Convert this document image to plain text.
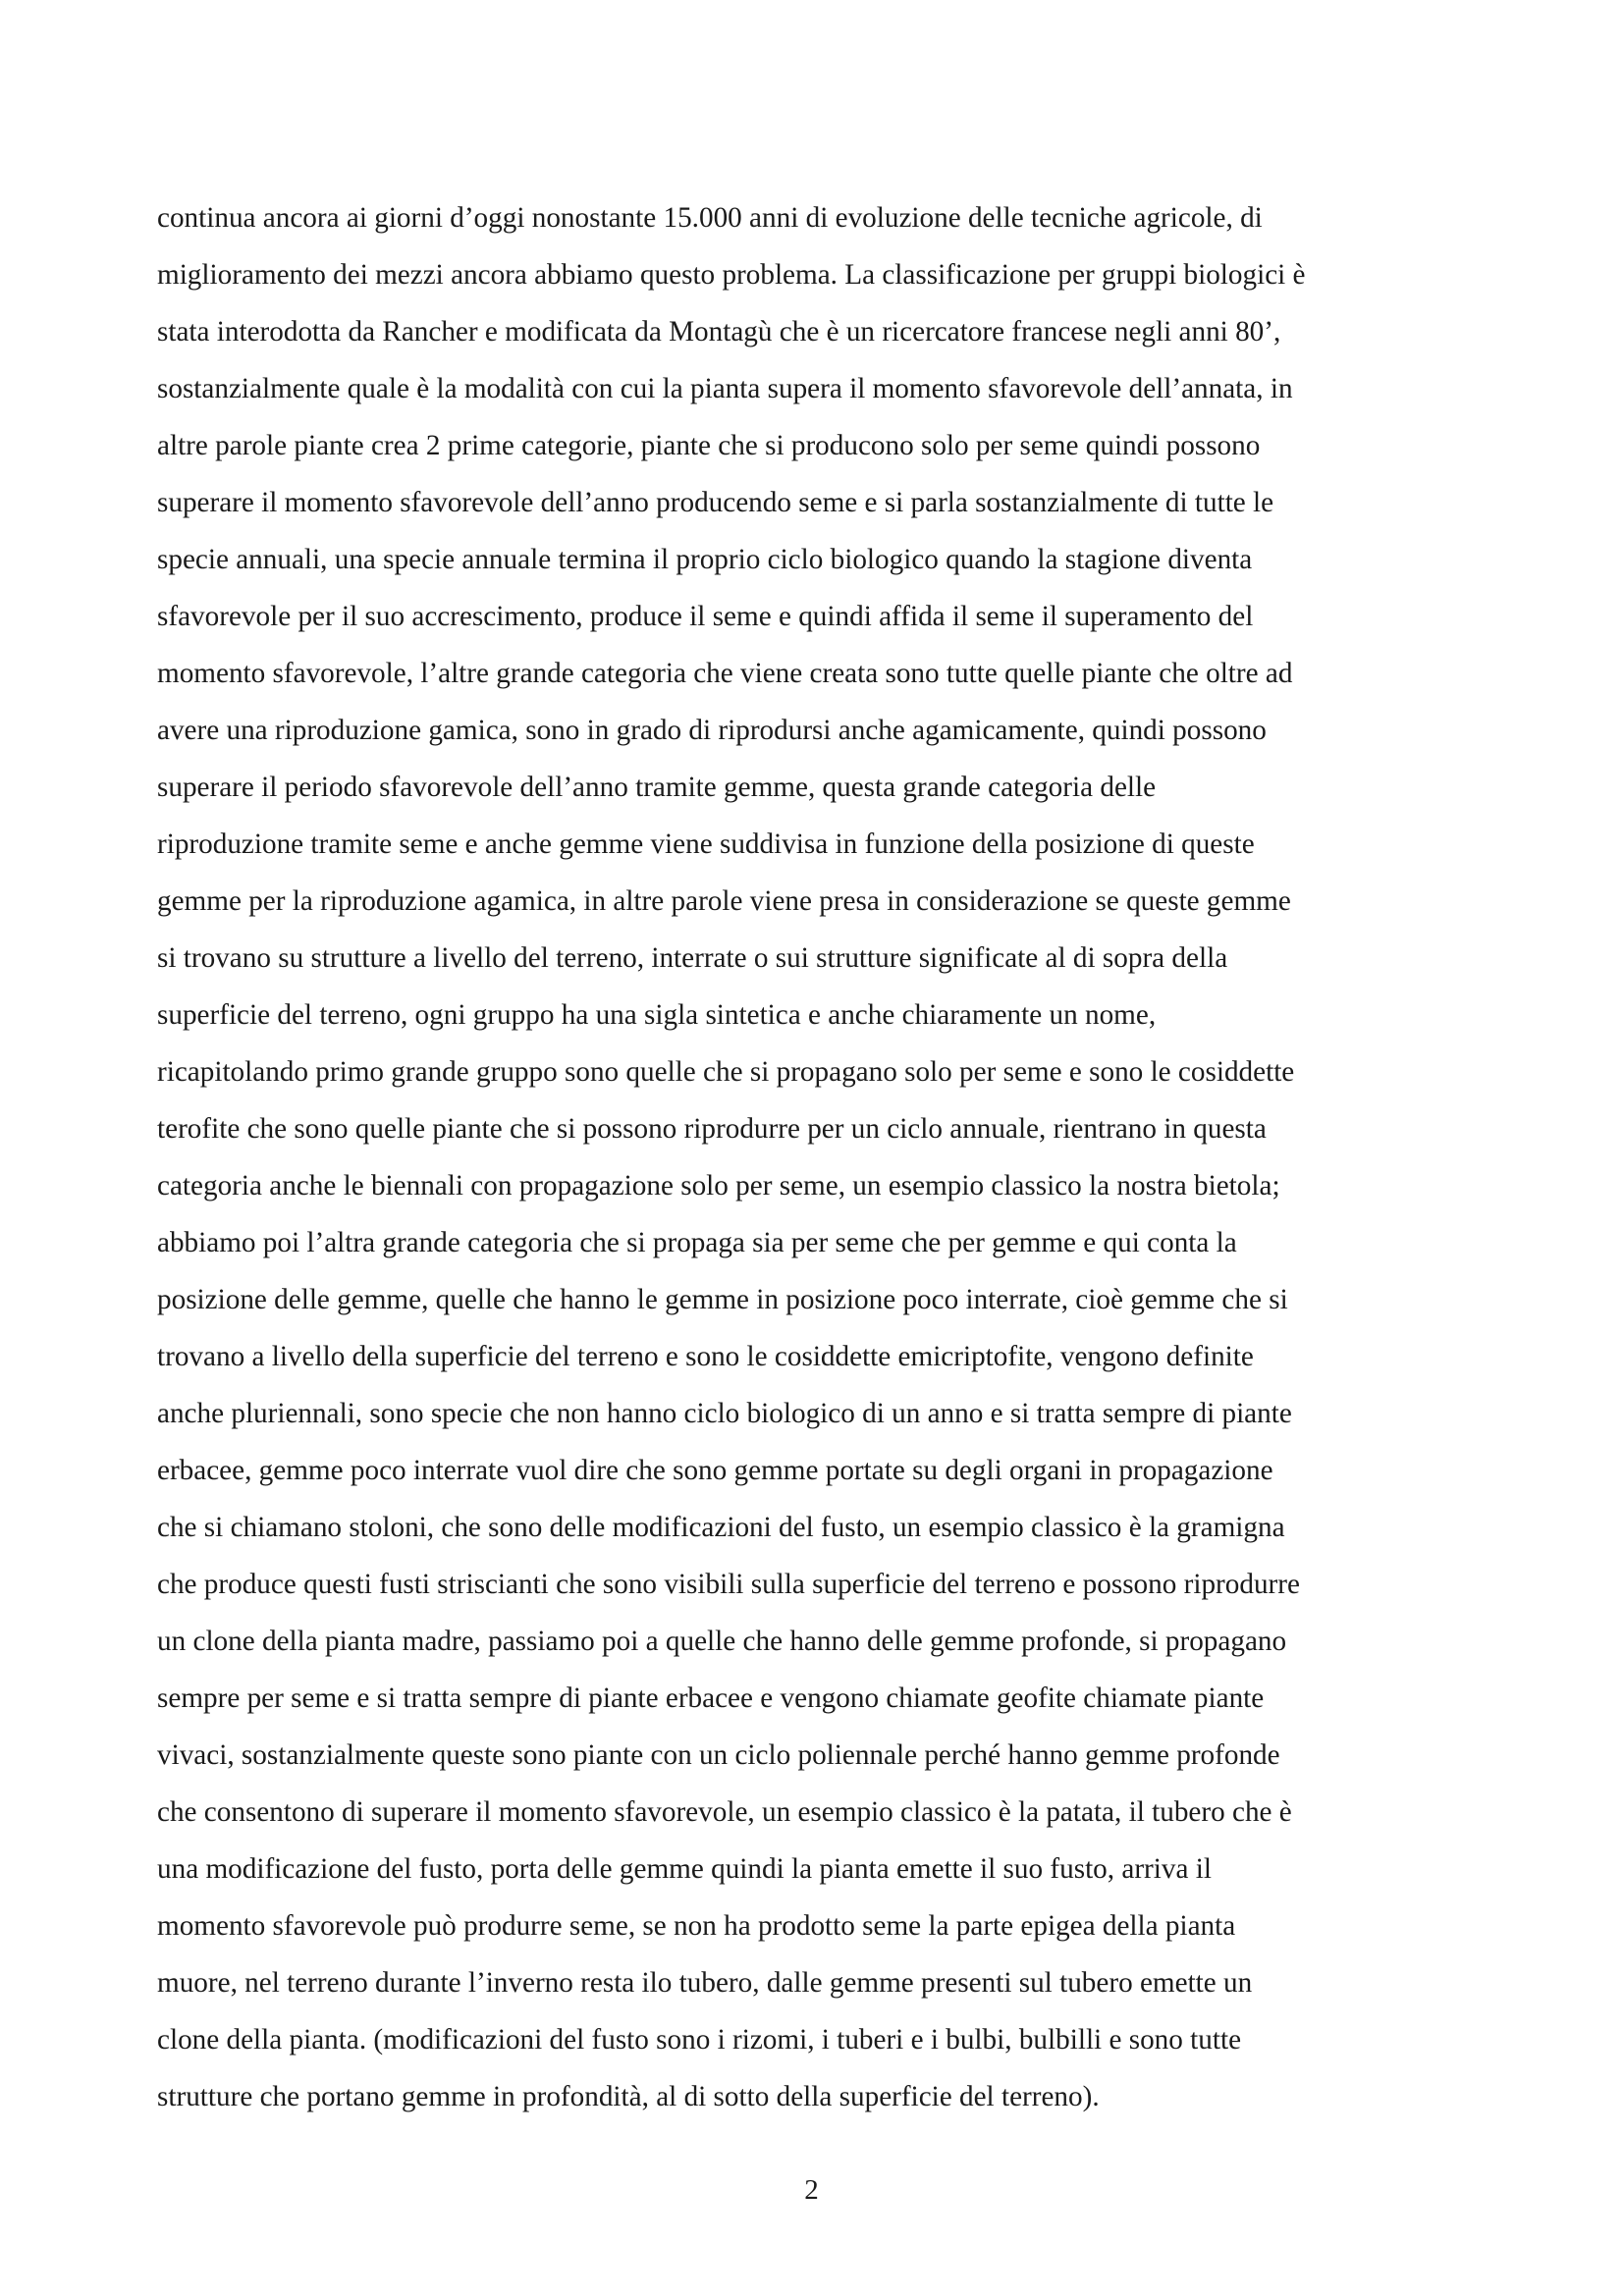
continua ancora ai giorni d’oggi nonostante 15.000 anni di evoluzione delle tecniche agricole, di
miglioramento dei mezzi ancora abbiamo questo problema. La classificazione per gruppi biologici è
stata interodotta da Rancher e modificata da Montagù che è un ricercatore francese negli anni 80’,
sostanzialmente quale è la modalità con cui la pianta supera il momento sfavorevole dell’annata, in
altre parole piante crea 2 prime categorie, piante che si producono solo per seme quindi possono
superare il momento sfavorevole dell’anno producendo seme e si parla sostanzialmente di tutte le
specie annuali, una specie annuale termina il proprio ciclo biologico quando la stagione diventa
sfavorevole per il suo accrescimento, produce il seme e quindi affida il seme il superamento del
momento sfavorevole, l’altre grande categoria che viene creata sono tutte quelle piante che oltre ad
avere una riproduzione gamica, sono in grado di riprodursi anche agamicamente, quindi possono
superare il periodo sfavorevole dell’anno tramite gemme, questa grande categoria delle
riproduzione tramite seme e anche gemme viene suddivisa in funzione della posizione di queste
gemme per la riproduzione agamica, in altre parole viene presa in considerazione se queste gemme
si trovano su strutture a livello del terreno, interrate o sui strutture significate al di sopra della
superficie del terreno, ogni gruppo ha una sigla sintetica e anche chiaramente un nome,
ricapitolando primo grande gruppo sono quelle che si propagano solo per seme e sono le cosiddette
terofite che sono quelle piante che si possono riprodurre per un ciclo annuale, rientrano in questa
categoria anche le biennali con propagazione solo per seme, un esempio classico la nostra bietola;
abbiamo poi l’altra grande categoria che si propaga sia per seme che per gemme e qui conta la
posizione delle gemme, quelle che hanno le gemme in posizione poco interrate, cioè gemme che si
trovano a livello della superficie del terreno e sono le cosiddette emicriptofite, vengono definite
anche pluriennali, sono specie che non hanno ciclo biologico di un anno e si tratta sempre di piante
erbacee, gemme poco interrate vuol dire che sono gemme portate su degli organi in propagazione
che si chiamano stoloni, che sono delle modificazioni del fusto, un esempio classico è la gramigna
che produce questi fusti striscianti che sono visibili sulla superficie del terreno e possono riprodurre
un clone della pianta madre, passiamo poi a quelle che hanno delle gemme profonde, si propagano
sempre per seme e si tratta sempre di piante erbacee e vengono chiamate geofite chiamate piante
vivaci, sostanzialmente queste sono piante con un ciclo poliennale perché hanno gemme profonde
che consentono di superare il momento sfavorevole, un esempio classico è la patata, il tubero che è
una modificazione del fusto, porta delle gemme quindi la pianta emette il suo fusto, arriva il
momento sfavorevole può produrre seme, se non ha prodotto seme la parte epigea della pianta
muore, nel terreno durante l’inverno resta ilo tubero, dalle gemme presenti sul tubero emette un
clone della pianta. (modificazioni del fusto sono i rizomi, i tuberi e i bulbi, bulbilli e sono tutte
strutture che portano gemme in profondità, al di sotto della superficie del terreno).
2
